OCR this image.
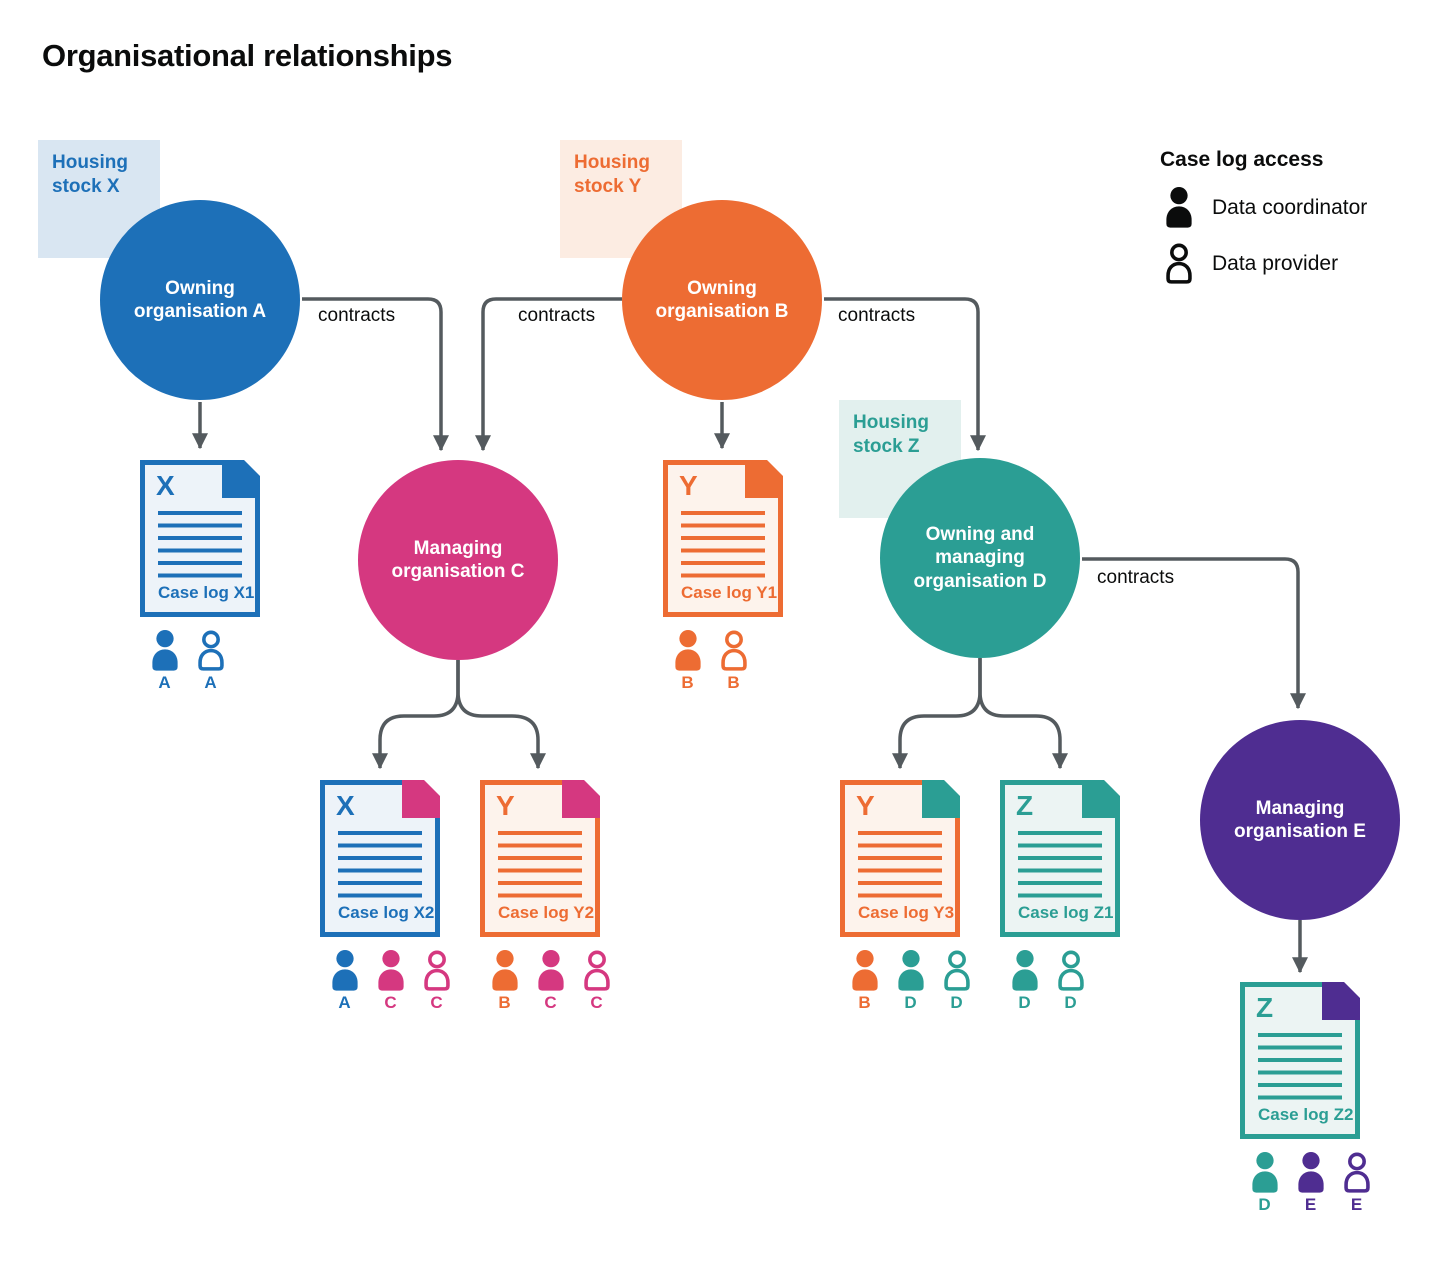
Organisational relationships
Housing stock X
Housing stock Y
Housing stock Z
Owning organisation A
Owning organisation B
Managing organisation C
Owning and managing organisation D
Managing organisation E
contracts	contracts	contracts
contracts
X
Case log X1
A A
Y
Case log Y1
B B
X
Case log X2
A C C
Y
Case log Y2
B C C
Y
Case log Y3
B D D
Z
Case log Z1
D D	Z
Case log Z2
D E E
Case log access
Data coordinator
Data provider
